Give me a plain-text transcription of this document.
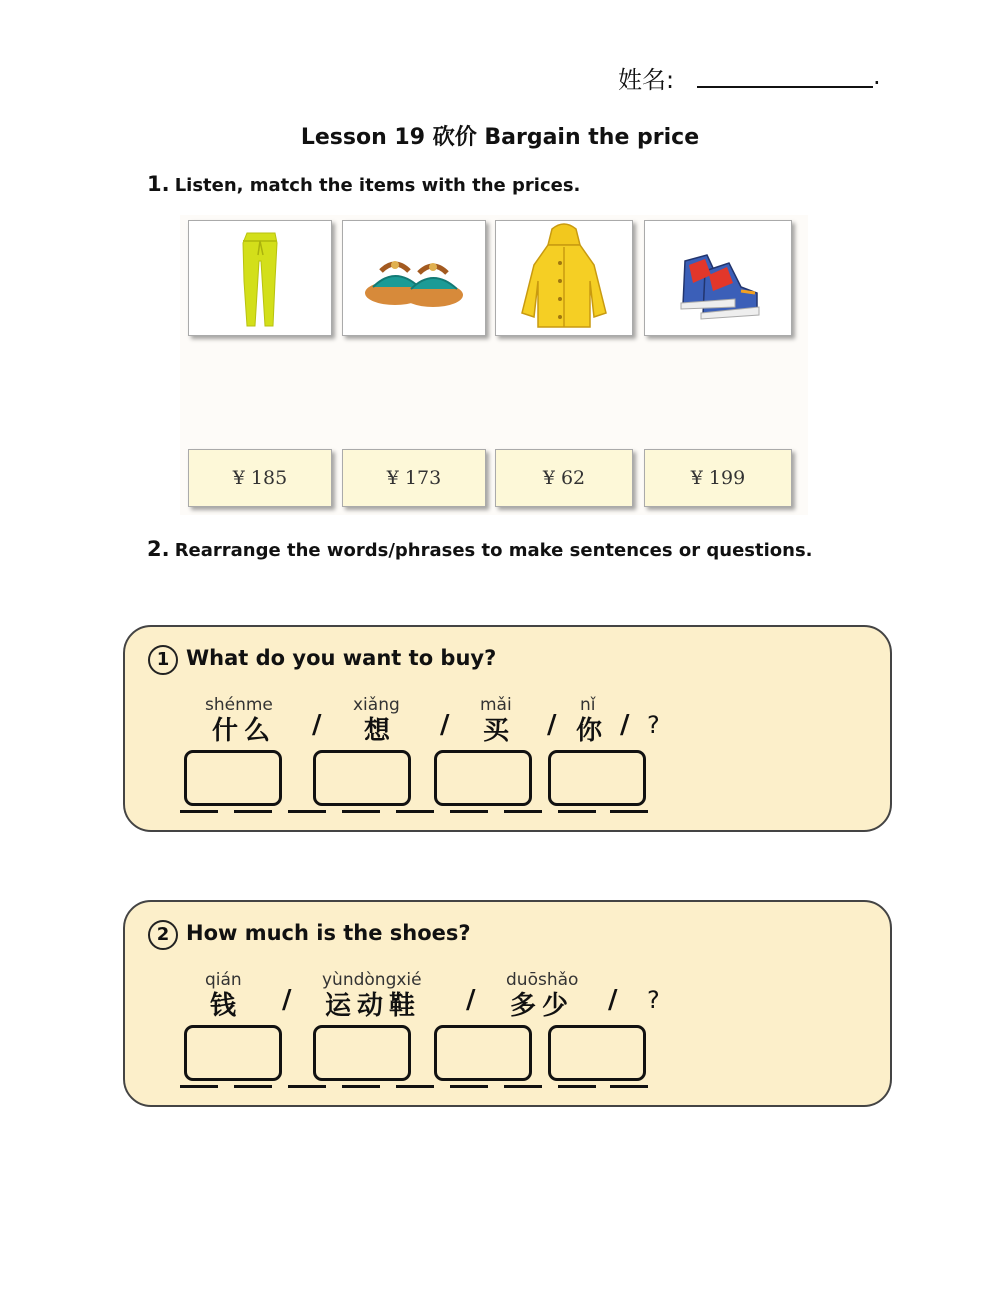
姓名:	.
Lesson 19 砍价 Bargain the price
1. Listen, match the items with the prices.
¥ 185	¥ 173	¥ 62	¥ 199
2. Rearrange the words/phrases to make sentences or questions.
1 What do you want to buy?
shénme	xiǎng	mǎi	nǐ
什么 / 想 / 买 / 你 / ?
2 How much is the shoes?
qián	yùndòngxié	duōshǎo
钱 / 运动鞋 / 多少 / ?
